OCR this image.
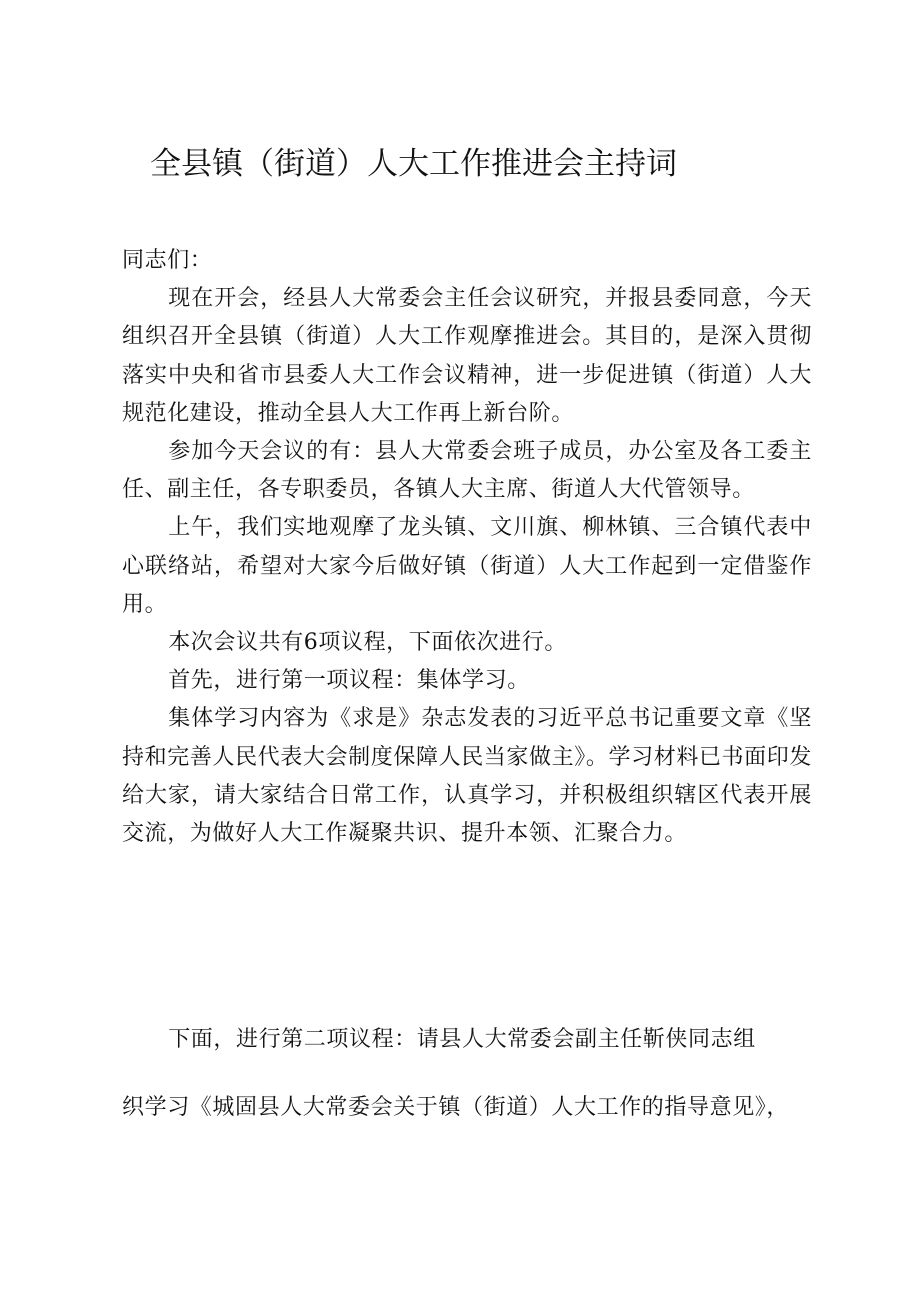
全县镇（街道）人大工作推进会主持词

同志们：

现在开会，经县人大常委会主任会议研究，并报县委同意，今天组织召开全县镇（街道）人大工作观摩推进会。其目的，是深入贯彻落实中央和省市县委人大工作会议精神，进一步促进镇（街道）人大规范化建设，推动全县人大工作再上新台阶。

参加今天会议的有：县人大常委会班子成员，办公室及各工委主任、副主任，各专职委员，各镇人大主席、街道人大代管领导。

上午，我们实地观摩了龙头镇、文川旗、柳林镇、三合镇代表中心联络站，希望对大家今后做好镇（街道）人大工作起到一定借鉴作用。

本次会议共有6项议程，下面依次进行。

首先，进行第一项议程：集体学习。

集体学习内容为《求是》杂志发表的习近平总书记重要文章《坚持和完善人民代表大会制度保障人民当家做主》。学习材料已书面印发给大家，请大家结合日常工作，认真学习，并积极组织辖区代表开展交流，为做好人大工作凝聚共识、提升本领、汇聚合力。

下面，进行第二项议程：请县人大常委会副主任靳侠同志组
织学习《城固县人大常委会关于镇（街道）人大工作的指导意见》，
